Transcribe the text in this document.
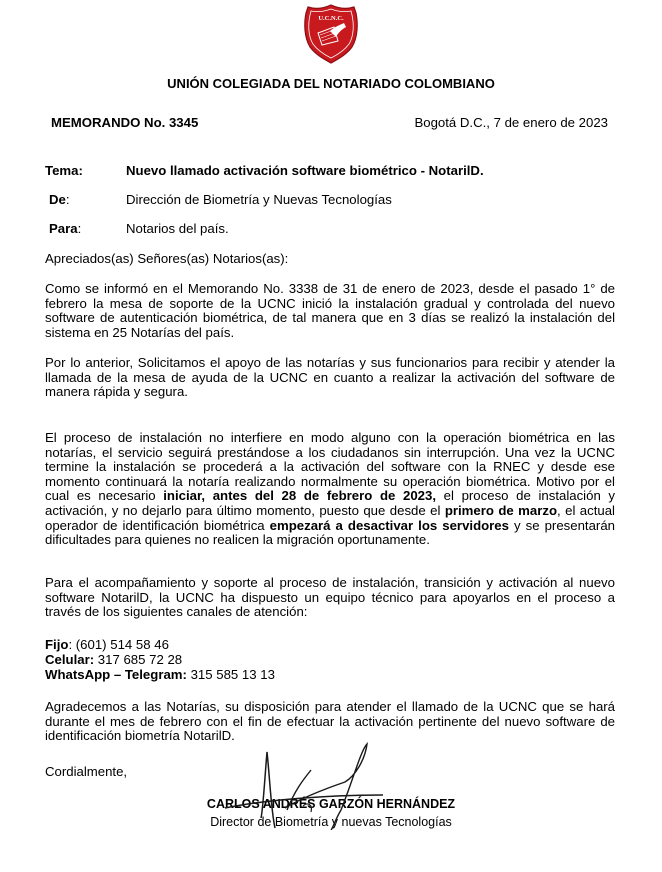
U.C.N.C.
UNIÓN COLEGIADA DEL NOTARIADO COLOMBIANO
MEMORANDO No. 3345	Bogotá D.C., 7 de enero de 2023
Tema:	Nuevo llamado activación software biométrico - NotarilD.
De:	Dirección de Biometría y Nuevas Tecnologías
Para:	Notarios del país.
Apreciados(as) Señores(as) Notarios(as):
Como se informó en el Memorando No. 3338 de 31 de enero de 2023, desde el pasado 1° de febrero la mesa de soporte de la UCNC inició la instalación gradual y controlada del nuevo software de autenticación biométrica, de tal manera que en 3 días se realizó la instalación del sistema en 25 Notarías del país.
Por lo anterior, Solicitamos el apoyo de las notarías y sus funcionarios para recibir y atender la llamada de la mesa de ayuda de la UCNC en cuanto a realizar la activación del software de manera rápida y segura.
El proceso de instalación no interfiere en modo alguno con la operación biométrica en las notarías, el servicio seguirá prestándose a los ciudadanos sin interrupción. Una vez la UCNC termine la instalación se procederá a la activación del software con la RNEC y desde ese momento continuará la notaría realizando normalmente su operación biométrica. Motivo por el cual es necesario iniciar, antes del 28 de febrero de 2023, el proceso de instalación y activación, y no dejarlo para último momento, puesto que desde el primero de marzo, el actual operador de identificación biométrica empezará a desactivar los servidores y se presentarán dificultades para quienes no realicen la migración oportunamente.
Para el acompañamiento y soporte al proceso de instalación, transición y activación al nuevo software NotarilD, la UCNC ha dispuesto un equipo técnico para apoyarlos en el proceso a través de los siguientes canales de atención:
Fijo: (601) 514 58 46
Celular: 317 685 72 28
WhatsApp – Telegram: 315 585 13 13
Agradecemos a las Notarías, su disposición para atender el llamado de la UCNC que se hará durante el mes de febrero con el fin de efectuar la activación pertinente del nuevo software de identificación biometría NotarilD.
Cordialmente,
CARLOS ANDRÉS GARZÓN HERNÁNDEZ
Director de Biometría y nuevas Tecnologías
